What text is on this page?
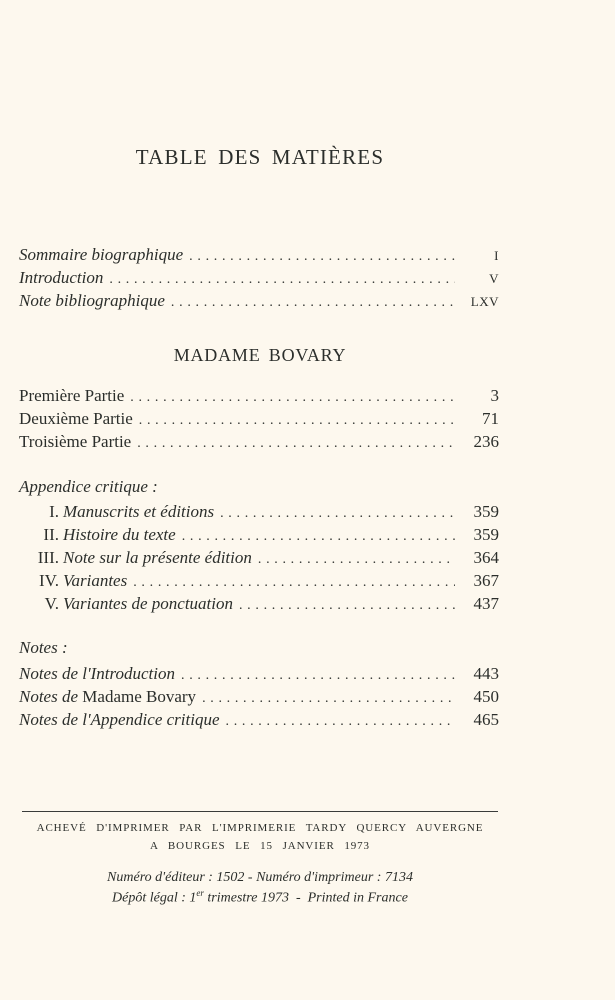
TABLE DES MATIÈRES
Sommaire biographique . . .	I
Introduction . . .	V
Note bibliographique . . .	LXV
MADAME BOVARY
Première Partie . . .	3
Deuxième Partie . . .	71
Troisième Partie . . .	236
Appendice critique :
I. Manuscrits et éditions . . .	359
II. Histoire du texte . . .	359
III. Note sur la présente édition . . .	364
IV. Variantes . . .	367
V. Variantes de ponctuation . . .	437
Notes :
Notes de l'Introduction . . .	443
Notes de Madame Bovary . . .	450
Notes de l'Appendice critique . . .	465
ACHEVÉ D'IMPRIMER PAR L'IMPRIMERIE TARDY QUERCY AUVERGNE
A BOURGES LE 15 JANVIER 1973
Numéro d'éditeur : 1502 - Numéro d'imprimeur : 7134
Dépôt légal : 1er trimestre 1973  -  Printed in France
